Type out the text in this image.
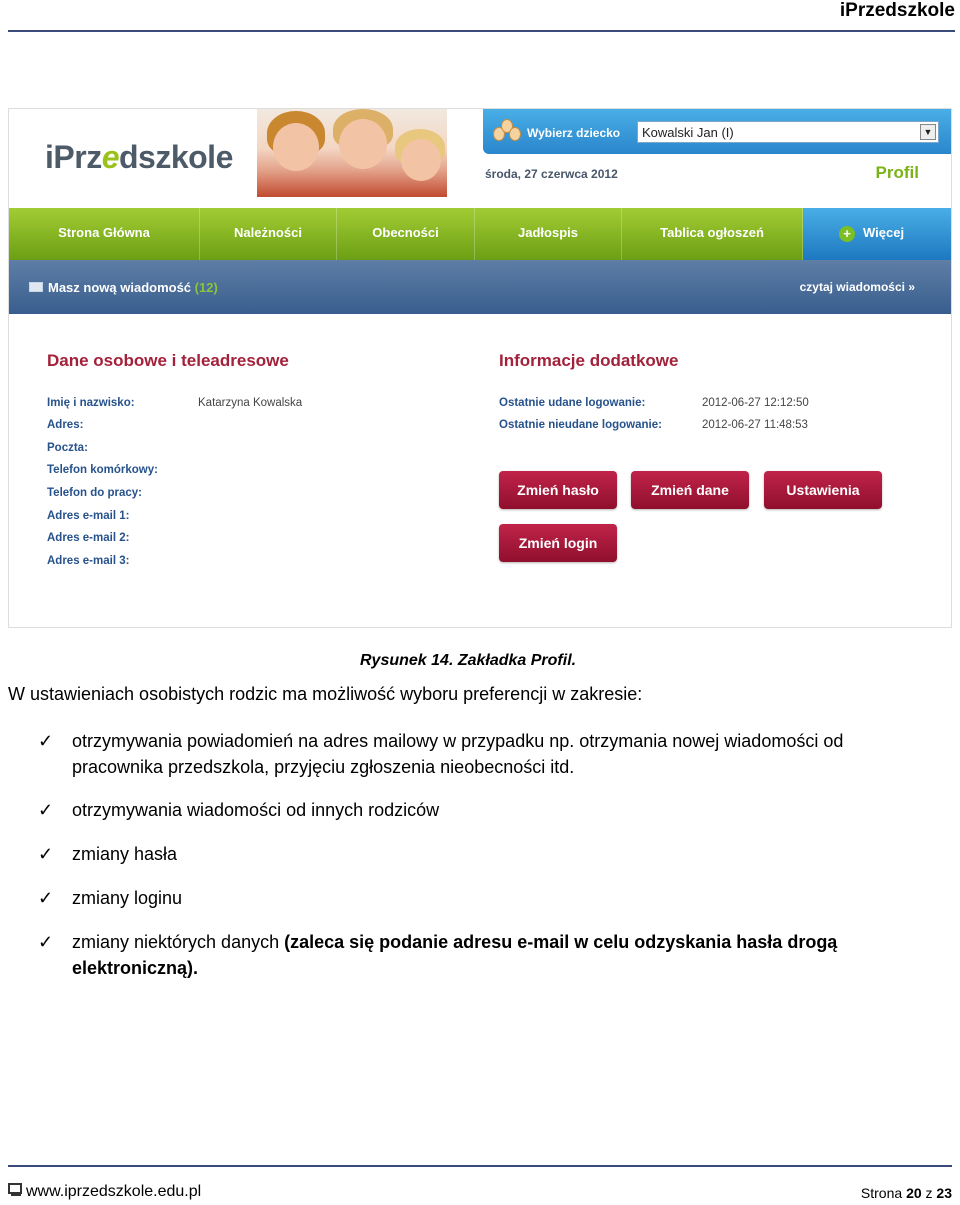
iPrzedszkole
iPrzedszkole
Wybierz dziecko	Kowalski Jan (I)	▼
środa, 27 czerwca 2012	Profil
Strona Główna	Należności	Obecności	Jadłospis	Tablica ogłoszeń	+ Więcej
Masz nową wiadomość (12)	czytaj wiadomości »
Dane osobowe i teleadresowe
Imię i nazwisko:	Katarzyna Kowalska
Adres:
Poczta:
Telefon komórkowy:
Telefon do pracy:
Adres e-mail 1:
Adres e-mail 2:
Adres e-mail 3:
Informacje dodatkowe
Ostatnie udane logowanie:	2012-06-27 12:12:50
Ostatnie nieudane logowanie:	2012-06-27 11:48:53
Zmień hasło	Zmień dane	Ustawienia
Zmień login
Rysunek 14. Zakładka Profil.
W ustawieniach osobistych rodzic ma możliwość wyboru preferencji w zakresie:
✓ otrzymywania powiadomień na adres mailowy w przypadku np. otrzymania nowej wiadomości od
pracownika przedszkola, przyjęciu zgłoszenia nieobecności itd.
✓ otrzymywania wiadomości od innych rodziców
✓ zmiany hasła
✓ zmiany loginu
✓ zmiany niektórych danych (zaleca się podanie adresu e-mail w celu odzyskania hasła drogą
elektroniczną).
www.iprzedszkole.edu.pl	Strona 20 z 23
